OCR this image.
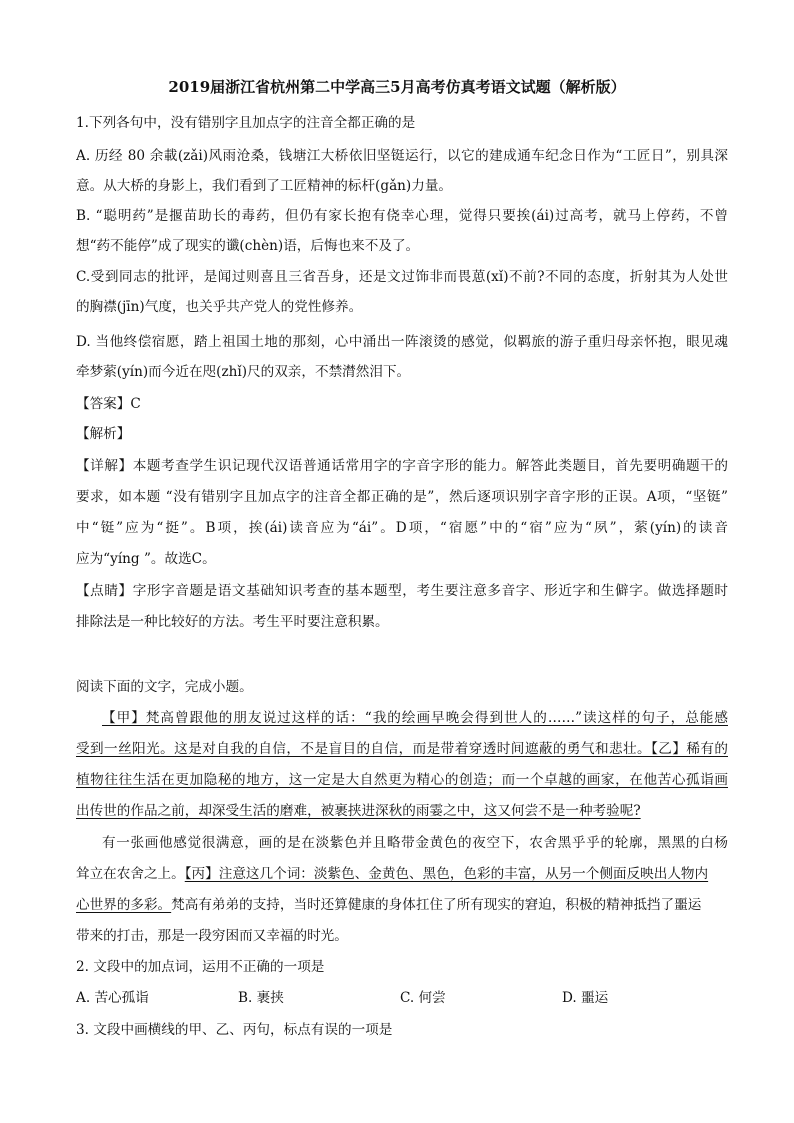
2019届浙江省杭州第二中学高三5月高考仿真考语文试题（解析版）
1.下列各句中，没有错别字且加点字的注音全都正确的是
A. 历经 80 余載(zǎi)风雨沧桑，钱塘江大桥依旧坚铤运行，以它的建成通车纪念日作为“工匠日”，别具深
意。从大桥的身影上，我们看到了工匠精神的标杆(gǎn)力量。
B. “聪明药”是揠苗助长的毒药，但仍有家长抱有侥幸心理，觉得只要挨(ái)过高考，就马上停药，不曾
想“药不能停”成了现实的谶(chèn)语，后悔也来不及了。
C.受到同志的批评，是闻过则喜且三省吾身，还是文过饰非而畏葸(xǐ)不前?不同的态度，折射其为人处世
的胸襟(jīn)气度，也关乎共产党人的党性修养。
D. 当他终偿宿愿，踏上祖国土地的那刻，心中涌出一阵滚烫的感觉，似羁旅的游子重归母亲怀抱，眼见魂
牵梦萦(yín)而今近在咫(zhǐ)尺的双亲，不禁潸然泪下。
【答案】C
【解析】
【详解】本题考查学生识记现代汉语普通话常用字的字音字形的能力。解答此类题目，首先要明确题干的
要求，如本题 “没有错别字且加点字的注音全都正确的是”，然后逐项识别字音字形的正误。A项，“坚铤”
中“铤”应为“挺”。B项，挨(ái)读音应为“ái”。D项，“宿愿”中的“宿”应为“夙”，萦(yín)的读音
应为“yíng ”。故选C。
【点睛】字形字音题是语文基础知识考查的基本题型，考生要注意多音字、形近字和生僻字。做选择题时
排除法是一种比较好的方法。考生平时要注意积累。
阅读下面的文字，完成小题。
【甲】梵高曾跟他的朋友说过这样的话：“我的绘画早晚会得到世人的……”读这样的句子，总能感
受到一丝阳光。这是对自我的自信，不是盲目的自信，而是带着穿透时间遮蔽的勇气和悲壮。【乙】稀有的
植物往往生活在更加隐秘的地方，这一定是大自然更为精心的创造；而一个卓越的画家，在他苦心孤诣画
出传世的作品之前，却深受生活的磨难，被裹挟进深秋的雨霎之中，这又何尝不是一种考验呢?
有一张画他感觉很满意，画的是在淡紫色并且略带金黄色的夜空下，农舍黑乎乎的轮廓，黑黑的白杨
耸立在农舍之上。【丙】注意这几个词：淡紫色、金黄色、黑色，色彩的丰富，从另一个侧面反映出人物内
心世界的多彩。梵高有弟弟的支持，当时还算健康的身体扛住了所有现实的窘迫，积极的精神抵挡了噩运
带来的打击，那是一段穷困而又幸福的时光。
2. 文段中的加点词，运用不正确的一项是
A. 苦心孤诣	B. 裹挟	C. 何尝	D. 噩运
3. 文段中画横线的甲、乙、丙句，标点有误的一项是
